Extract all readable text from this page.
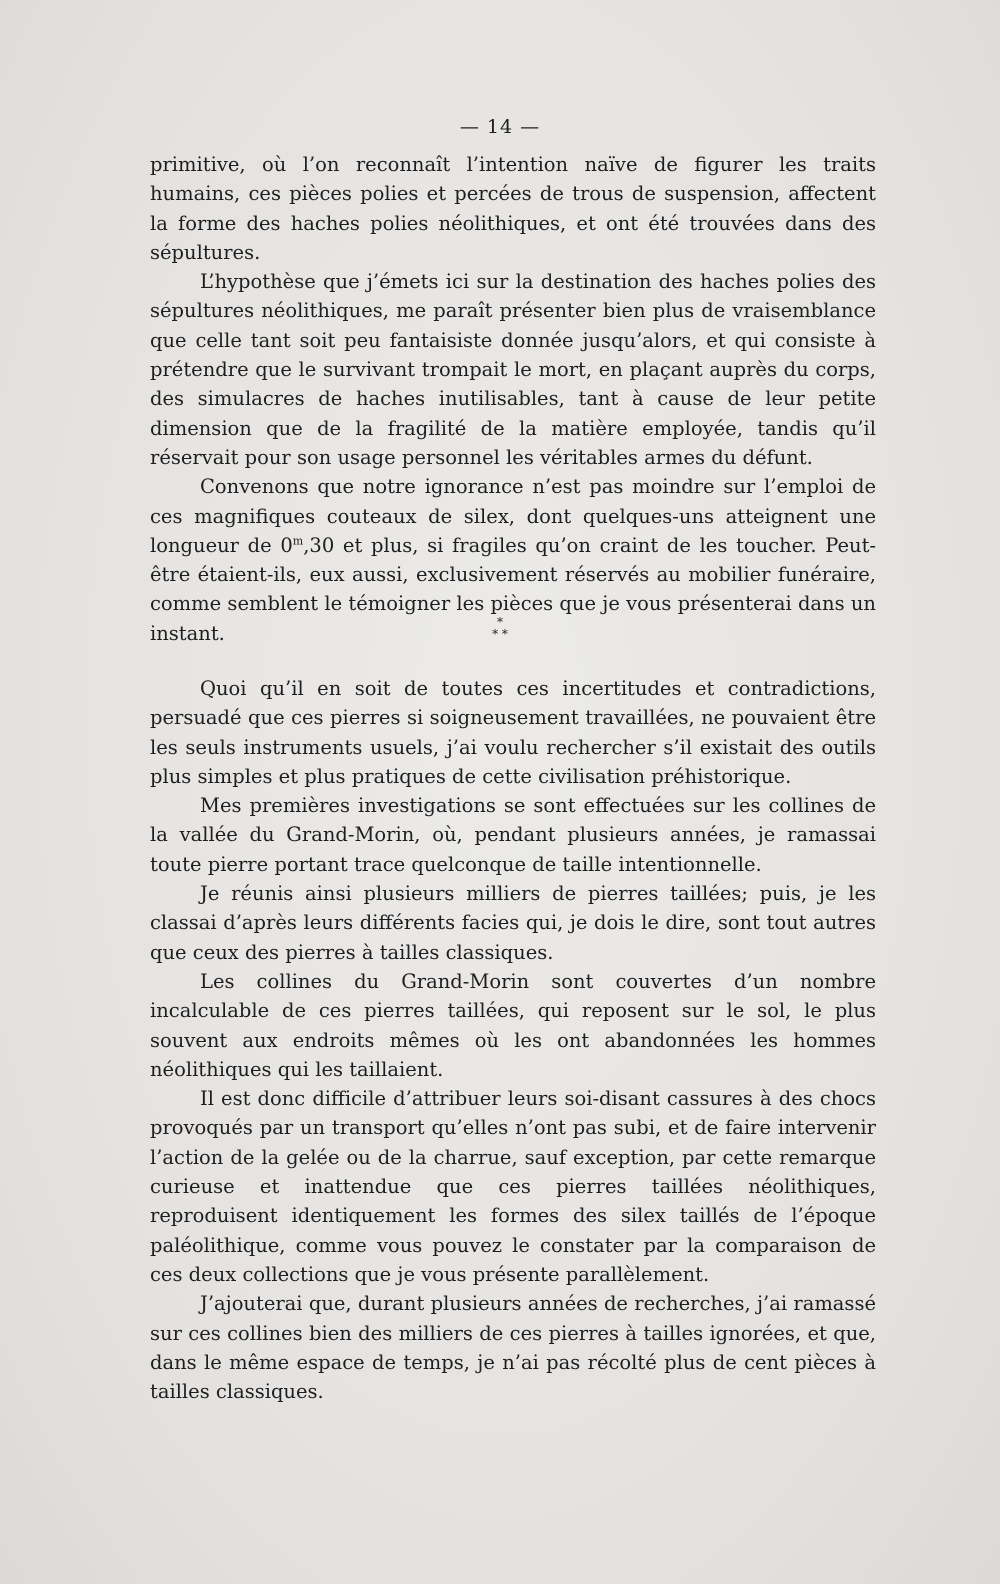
— 14 —

primitive, où l’on reconnaît l’intention naïve de figurer les traits humains, ces pièces polies et percées de trous de suspension, affectent la forme des haches polies néolithiques, et ont été trouvées dans des sépultures.

L’hypothèse que j’émets ici sur la destination des haches polies des sépultures néolithiques, me paraît présenter bien plus de vraisemblance que celle tant soit peu fantaisiste donnée jusqu’alors, et qui consiste à prétendre que le survivant trompait le mort, en plaçant auprès du corps, des simulacres de haches inutilisables, tant à cause de leur petite dimension que de la fragilité de la matière employée, tandis qu’il réservait pour son usage personnel les véritables armes du défunt.

Convenons que notre ignorance n’est pas moindre sur l’emploi de ces magnifiques couteaux de silex, dont quelques-uns atteignent une longueur de 0$^m$,30 et plus, si fragiles qu’on craint de les toucher. Peut-être étaient-ils, eux aussi, exclusivement réservés au mobilier funéraire, comme semblent le témoigner les pièces que je vous présenterai dans un instant.	*
* *

Quoi qu’il en soit de toutes ces incertitudes et contradictions, persuadé que ces pierres si soigneusement travaillées, ne pouvaient être les seuls instruments usuels, j’ai voulu rechercher s’il existait des outils plus simples et plus pratiques de cette civilisation préhistorique.

Mes premières investigations se sont effectuées sur les collines de la vallée du Grand-Morin, où, pendant plusieurs années, je ramassai toute pierre portant trace quelconque de taille intentionnelle.

Je réunis ainsi plusieurs milliers de pierres taillées; puis, je les classai d’après leurs différents facies qui, je dois le dire, sont tout autres que ceux des pierres à tailles classiques.

Les collines du Grand-Morin sont couvertes d’un nombre incalculable de ces pierres taillées, qui reposent sur le sol, le plus souvent aux endroits mêmes où les ont abandonnées les hommes néolithiques qui les taillaient.

Il est donc difficile d’attribuer leurs soi-disant cassures à des chocs provoqués par un transport qu’elles n’ont pas subi, et de faire intervenir l’action de la gelée ou de la charrue, sauf exception, par cette remarque curieuse et inattendue que ces pierres taillées néolithiques, reproduisent identiquement les formes des silex taillés de l’époque paléolithique, comme vous pouvez le constater par la comparaison de ces deux collections que je vous présente parallèlement.

J’ajouterai que, durant plusieurs années de recherches, j’ai ramassé sur ces collines bien des milliers de ces pierres à tailles ignorées, et que, dans le même espace de temps, je n’ai pas récolté plus de cent pièces à tailles classiques.
